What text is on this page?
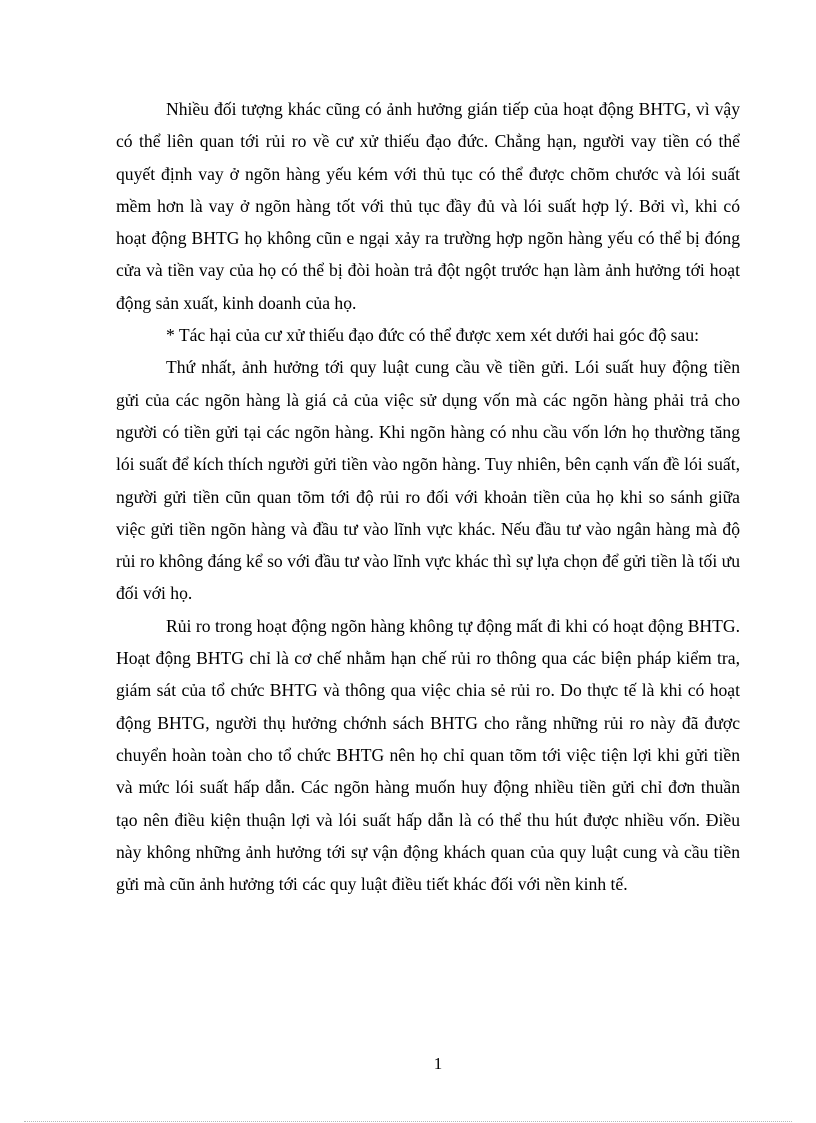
Nhiều đối tượng khác cũng có ảnh hưởng gián tiếp của hoạt động BHTG, vì vậy có thể liên quan tới rủi ro về cư xử thiếu đạo đức. Chẳng hạn, người vay tiền có thể quyết định vay ở ngõn hàng yếu kém với thủ tục có thể được chõm chước và lói suất mềm hơn là vay ở ngõn hàng tốt với thủ tục đầy đủ và lói suất hợp lý. Bởi vì, khi có hoạt động BHTG họ không cũn e ngại xảy ra trường hợp ngõn hàng yếu có thể bị đóng cửa và tiền vay của họ có thể bị đòi hoàn trả đột ngột trước hạn làm ảnh hưởng tới hoạt động sản xuất, kinh doanh của họ.

* Tác hại của cư xử thiếu đạo đức có thể được xem xét dưới hai góc độ sau:

Thứ nhất, ảnh hưởng tới quy luật cung cầu về tiền gửi. Lói suất huy động tiền gửi của các ngõn hàng là giá cả của việc sử dụng vốn mà các ngõn hàng phải trả cho người có tiền gửi tại các ngõn hàng. Khi ngõn hàng có nhu cầu vốn lớn họ thường tăng lói suất để kích thích người gửi tiền vào ngõn hàng. Tuy nhiên, bên cạnh vấn đề lói suất, người gửi tiền cũn quan tõm tới độ rủi ro đối với khoản tiền của họ khi so sánh giữa việc gửi tiền ngõn hàng và đầu tư vào lĩnh vực khác. Nếu đầu tư vào ngân hàng mà độ rủi ro không đáng kể so với đầu tư vào lĩnh vực khác thì sự lựa chọn để gửi tiền là tối ưu đối với họ.

Rủi ro trong hoạt động ngõn hàng không tự động mất đi khi có hoạt động BHTG. Hoạt động BHTG chỉ là cơ chế nhằm hạn chế rủi ro thông qua các biện pháp kiểm tra, giám sát của tổ chức BHTG và thông qua việc chia sẻ rủi ro. Do thực tế là khi có hoạt động BHTG, người thụ hưởng chớnh sách BHTG cho rằng những rủi ro này đã được chuyển hoàn toàn cho tổ chức BHTG nên họ chỉ quan tõm tới việc tiện lợi khi gửi tiền và mức lói suất hấp dẫn. Các ngõn hàng muốn huy động nhiều tiền gửi chỉ đơn thuần tạo nên điều kiện thuận lợi và lói suất hấp dẫn là có thể thu hút được nhiều vốn. Điều này không những ảnh hưởng tới sự vận động khách quan của quy luật cung và cầu tiền gửi mà cũn ảnh hưởng tới các quy luật điều tiết khác đối với nền kinh tế.

1
